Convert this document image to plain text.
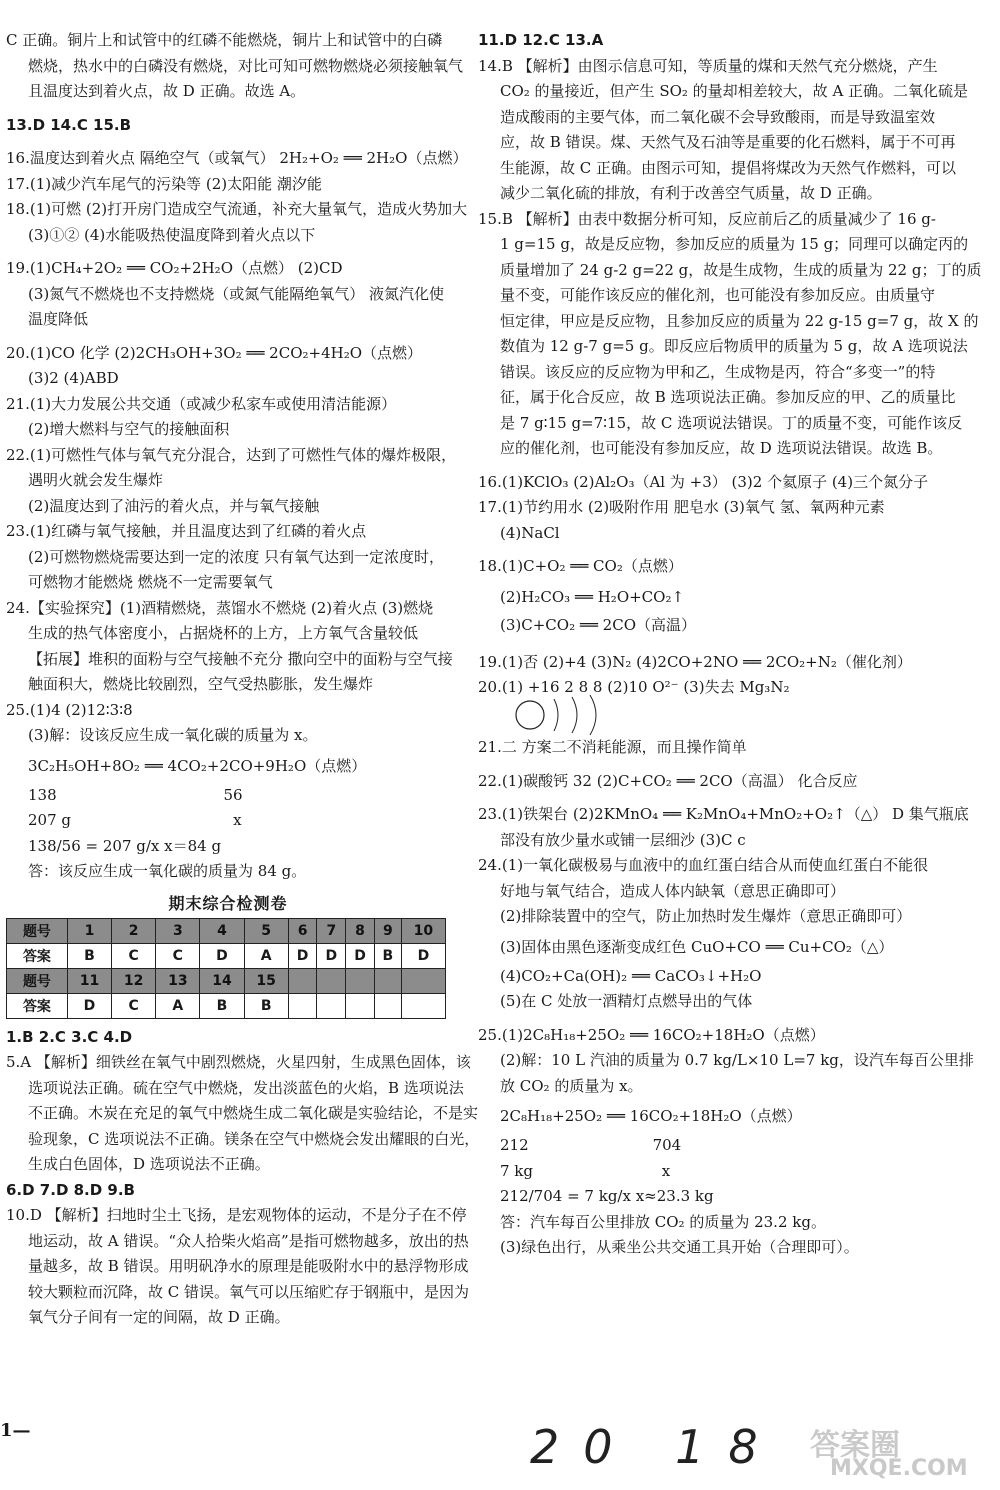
C 正确。铜片上和试管中的红磷不能燃烧，铜片上和试管中的白磷
燃烧，热水中的白磷没有燃烧，对比可知可燃物燃烧必须接触氧气
且温度达到着火点，故 D 正确。故选 A。
13.D 14.C 15.B
16.温度达到着火点 隔绝空气（或氧气） 2H₂+O₂ ══ 2H₂O（点燃）
17.(1)减少汽车尾气的污染等 (2)太阳能 潮汐能
18.(1)可燃 (2)打开房门造成空气流通，补充大量氧气，造成火势加大
(3)①② (4)水能吸热使温度降到着火点以下
19.(1)CH₄+2O₂ ══ CO₂+2H₂O（点燃） (2)CD
(3)氮气不燃烧也不支持燃烧（或氮气能隔绝氧气） 液氮汽化使
温度降低
20.(1)CO 化学 (2)2CH₃OH+3O₂ ══ 2CO₂+4H₂O（点燃）
(3)2 (4)ABD
21.(1)大力发展公共交通（或减少私家车或使用清洁能源）
(2)增大燃料与空气的接触面积
22.(1)可燃性气体与氧气充分混合，达到了可燃性气体的爆炸极限，
遇明火就会发生爆炸
(2)温度达到了油污的着火点，并与氧气接触
23.(1)红磷与氧气接触，并且温度达到了红磷的着火点
(2)可燃物燃烧需要达到一定的浓度 只有氧气达到一定浓度时，
可燃物才能燃烧 燃烧不一定需要氧气
24.【实验探究】(1)酒精燃烧，蒸馏水不燃烧 (2)着火点 (3)燃烧
生成的热气体密度小，占据烧杯的上方，上方氧气含量较低
【拓展】堆积的面粉与空气接触不充分 撒向空中的面粉与空气接
触面积大，燃烧比较剧烈，空气受热膨胀，发生爆炸
25.(1)4 (2)12∶3∶8
(3)解：设该反应生成一氧化碳的质量为 x。
3C₂H₅OH+8O₂ ══ 4CO₂+2CO+9H₂O（点燃）
138                                   56
207 g                                  x
138/56 = 207 g/x x＝84 g
答：该反应生成一氧化碳的质量为 84 g。
期末综合检测卷
题号	1	2	3	4	5	6	7	8	9	10
答案	B	C	C	D	A	D	D	D	B	D
题号	11	12	13	14	15					
答案	D	C	A	B	B					
1.B 2.C 3.C 4.D
5.A 【解析】细铁丝在氧气中剧烈燃烧，火星四射，生成黑色固体，该
选项说法正确。硫在空气中燃烧，发出淡蓝色的火焰，B 选项说法
不正确。木炭在充足的氧气中燃烧生成二氧化碳是实验结论，不是实
验现象，C 选项说法不正确。镁条在空气中燃烧会发出耀眼的白光，
生成白色固体，D 选项说法不正确。
6.D 7.D 8.D 9.B
10.D 【解析】扫地时尘土飞扬，是宏观物体的运动，不是分子在不停
地运动，故 A 错误。“众人拾柴火焰高”是指可燃物越多，放出的热
量越多，故 B 错误。用明矾净水的原理是能吸附水中的悬浮物形成
较大颗粒而沉降，故 C 错误。氧气可以压缩贮存于钢瓶中，是因为
氧气分子间有一定的间隔，故 D 正确。
11.D 12.C 13.A
14.B 【解析】由图示信息可知，等质量的煤和天然气充分燃烧，产生
CO₂ 的量接近，但产生 SO₂ 的量却相差较大，故 A 正确。二氧化硫是
造成酸雨的主要气体，而二氧化碳不会导致酸雨，而是导致温室效
应，故 B 错误。煤、天然气及石油等是重要的化石燃料，属于不可再
生能源，故 C 正确。由图示可知，提倡将煤改为天然气作燃料，可以
减少二氧化硫的排放，有利于改善空气质量，故 D 正确。
15.B 【解析】由表中数据分析可知，反应前后乙的质量减少了 16 g-
1 g=15 g，故是反应物，参加反应的质量为 15 g；同理可以确定丙的
质量增加了 24 g-2 g=22 g，故是生成物，生成的质量为 22 g；丁的质
量不变，可能作该反应的催化剂，也可能没有参加反应。由质量守
恒定律，甲应是反应物，且参加反应的质量为 22 g-15 g=7 g，故 X 的
数值为 12 g-7 g=5 g。即反应后物质甲的质量为 5 g，故 A 选项说法
错误。该反应的反应物为甲和乙，生成物是丙，符合“多变一”的特
征，属于化合反应，故 B 选项说法正确。参加反应的甲、乙的质量比
是 7 g∶15 g=7∶15，故 C 选项说法错误。丁的质量不变，可能作该反
应的催化剂，也可能没有参加反应，故 D 选项说法错误。故选 B。
16.(1)KClO₃ (2)Al₂O₃（Al 为 +3） (3)2 个氦原子 (4)三个氮分子
17.(1)节约用水 (2)吸附作用 肥皂水 (3)氧气 氢、氧两种元素
(4)NaCl
18.(1)C+O₂ ══ CO₂（点燃）
(2)H₂CO₃ ══ H₂O+CO₂↑
(3)C+CO₂ ══ 2CO（高温）
19.(1)否 (2)+4 (3)N₂ (4)2CO+2NO ══ 2CO₂+N₂（催化剂）
20.(1) +16 2 8 8 (2)10 O²⁻ (3)失去 Mg₃N₂
21.二 方案二不消耗能源，而且操作简单
22.(1)碳酸钙 32 (2)C+CO₂ ══ 2CO（高温） 化合反应
23.(1)铁架台 (2)2KMnO₄ ══ K₂MnO₄+MnO₂+O₂↑（△） D 集气瓶底
部没有放少量水或铺一层细沙 (3)C c
24.(1)一氧化碳极易与血液中的血红蛋白结合从而使血红蛋白不能很
好地与氧气结合，造成人体内缺氧（意思正确即可）
(2)排除装置中的空气，防止加热时发生爆炸（意思正确即可）
(3)固体由黑色逐渐变成红色 CuO+CO ══ Cu+CO₂（△）
(4)CO₂+Ca(OH)₂ ══ CaCO₃↓+H₂O
(5)在 C 处放一酒精灯点燃导出的气体
25.(1)2C₈H₁₈+25O₂ ══ 16CO₂+18H₂O（点燃）
(2)解：10 L 汽油的质量为 0.7 kg/L×10 L=7 kg，设汽车每百公里排
放 CO₂ 的质量为 x。
2C₈H₁₈+25O₂ ══ 16CO₂+18H₂O（点燃）
212                          704
7 kg                           x
212/704 = 7 kg/x x≈23.3 kg
答：汽车每百公里排放 CO₂ 的质量为 23.2 kg。
(3)绿色出行，从乘坐公共交通工具开始（合理即可）。
1—	20 18 答案圈
MXQE.COM
